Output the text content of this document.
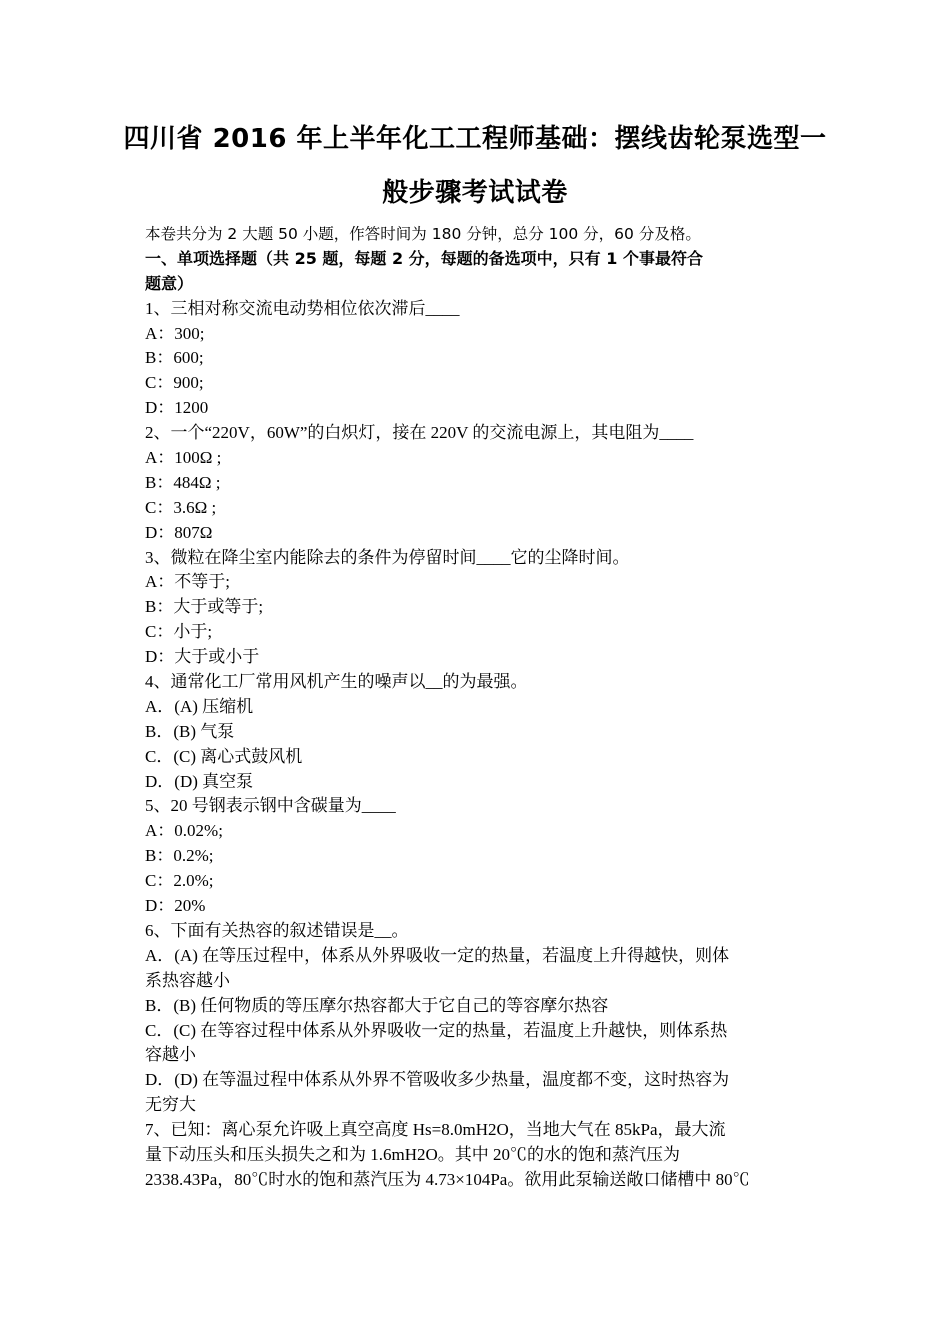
四川省 2016 年上半年化工工程师基础：摆线齿轮泵选型一
般步骤考试试卷
本卷共分为 2 大题 50 小题，作答时间为 180 分钟，总分 100 分，60 分及格。
一、单项选择题（共 25 题，每题 2 分，每题的备选项中，只有 1 个事最符合
题意）
1、三相对称交流电动势相位依次滞后____
A：300;
B：600;
C：900;
D：1200
2、一个“220V，60W”的白炽灯，接在 220V 的交流电源上，其电阻为____
A：100Ω ;
B：484Ω ;
C：3.6Ω ;
D：807Ω
3、微粒在降尘室内能除去的条件为停留时间____它的尘降时间。
A：不等于;
B：大于或等于;
C：小于;
D：大于或小于
4、通常化工厂常用风机产生的噪声以__的为最强。
A．(A) 压缩机
B．(B) 气泵
C．(C) 离心式鼓风机
D．(D) 真空泵
5、20 号钢表示钢中含碳量为____
A：0.02%;
B：0.2%;
C：2.0%;
D：20%
6、下面有关热容的叙述错误是__。
A．(A) 在等压过程中，体系从外界吸收一定的热量，若温度上升得越快，则体
系热容越小
B．(B) 任何物质的等压摩尔热容都大于它自己的等容摩尔热容
C．(C) 在等容过程中体系从外界吸收一定的热量，若温度上升越快，则体系热
容越小
D．(D) 在等温过程中体系从外界不管吸收多少热量，温度都不变，这时热容为
无穷大
7、已知：离心泵允许吸上真空高度 Hs=8.0mH2O，当地大气在 85kPa，最大流
量下动压头和压头损失之和为 1.6mH2O。其中 20℃的水的饱和蒸汽压为
2338.43Pa，80℃时水的饱和蒸汽压为 4.73×104Pa。欲用此泵输送敞口储槽中 80℃
